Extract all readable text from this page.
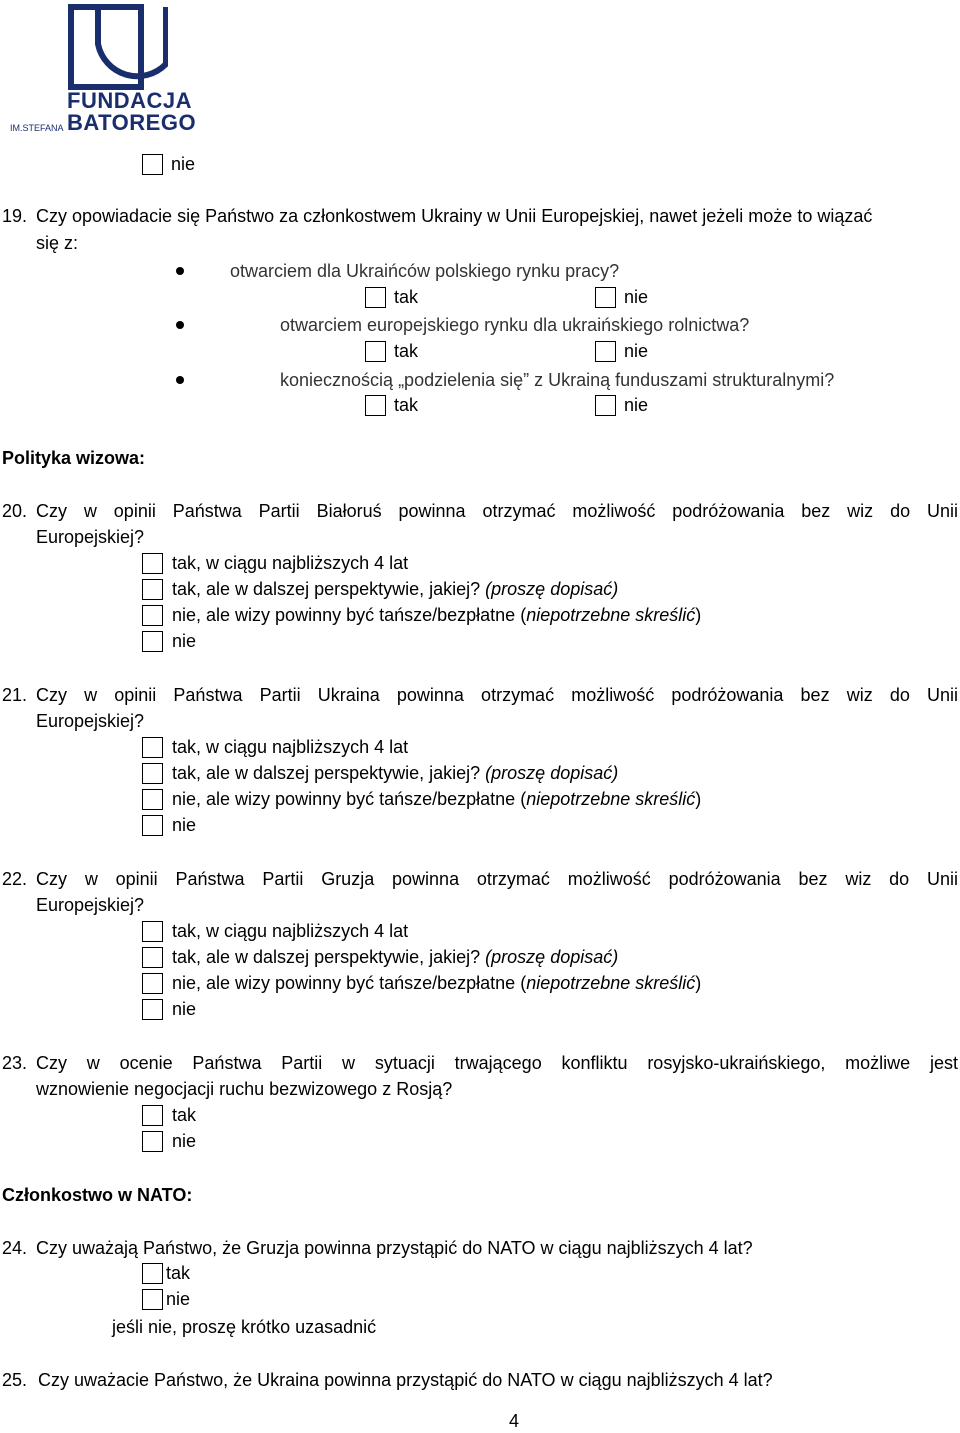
FUNDACJA
IM.STEFANA BATOREGO
nie
19. Czy opowiadacie się Państwo za członkostwem Ukrainy w Unii Europejskiej, nawet jeżeli może to wiązać
się z:
otwarciem dla Ukraińców polskiego rynku pracy?
tak	nie
otwarciem europejskiego rynku dla ukraińskiego rolnictwa?
tak	nie
koniecznością „podzielenia się” z Ukrainą funduszami strukturalnymi?
tak	nie
Polityka wizowa:
20. Czy w opinii Państwa Partii Białoruś powinna otrzymać możliwość podróżowania bez wiz do Unii
Europejskiej?
tak, w ciągu najbliższych 4 lat
tak, ale w dalszej perspektywie, jakiej? (proszę dopisać)
nie, ale wizy powinny być tańsze/bezpłatne (niepotrzebne skreślić)
nie
21. Czy w opinii Państwa Partii Ukraina powinna otrzymać możliwość podróżowania bez wiz do Unii
Europejskiej?
tak, w ciągu najbliższych 4 lat
tak, ale w dalszej perspektywie, jakiej? (proszę dopisać)
nie, ale wizy powinny być tańsze/bezpłatne (niepotrzebne skreślić)
nie
22. Czy w opinii Państwa Partii Gruzja powinna otrzymać możliwość podróżowania bez wiz do Unii
Europejskiej?
tak, w ciągu najbliższych 4 lat
tak, ale w dalszej perspektywie, jakiej? (proszę dopisać)
nie, ale wizy powinny być tańsze/bezpłatne (niepotrzebne skreślić)
nie
23. Czy w ocenie Państwa Partii w sytuacji trwającego konfliktu rosyjsko-ukraińskiego, możliwe jest
wznowienie negocjacji ruchu bezwizowego z Rosją?
tak
nie
Członkostwo w NATO:
24. Czy uważają Państwo, że Gruzja powinna przystąpić do NATO w ciągu najbliższych 4 lat?
tak
nie
jeśli nie, proszę krótko uzasadnić
25. Czy uważacie Państwo, że Ukraina powinna przystąpić do NATO w ciągu najbliższych 4 lat?
4
